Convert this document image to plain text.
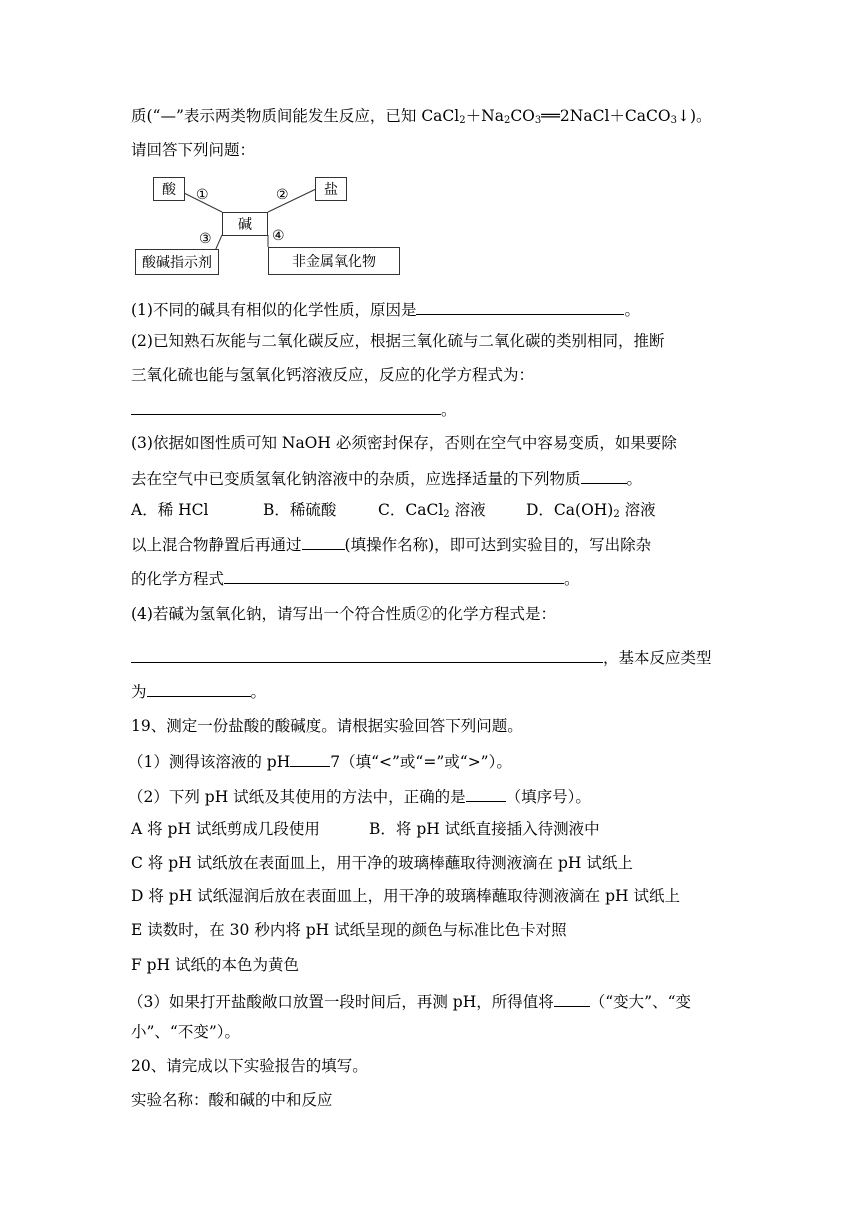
质(“—”表示两类物质间能发生反应，已知 $CaCl_2+Na_2CO_3══2NaCl+CaCO_3↓$)。
请回答下列问题：
酸	盐
碱
酸碱指示剂	非金属氧化物
①	②
③	④
(1)不同的碱具有相似的化学性质，原因是	。
(2)已知熟石灰能与二氧化碳反应，根据三氧化硫与二氧化碳的类别相同，推断
三氧化硫也能与氢氧化钙溶液反应，反应的化学方程式为：
。
(3)依据如图性质可知 NaOH 必须密封保存，否则在空气中容易变质，如果要除
去在空气中已变质氢氧化钠溶液中的杂质，应选择适量的下列物质	。
A．稀 HCl	B．稀硫酸	C．CaCl$_2$ 溶液	D．$Ca(OH)_2$ 溶液
以上混合物静置后再通过	(填操作名称)，即可达到实验目的，写出除杂
的化学方程式	。
(4)若碱为氢氧化钠，请写出一个符合性质②的化学方程式是：
，基本反应类型
为	。
19、测定一份盐酸的酸碱度。请根据实验回答下列问题。
（1）测得该溶液的 pH	7（填“<”或“=”或“>”）。
（2）下列 pH 试纸及其使用的方法中，正确的是	（填序号）。
A 将 pH 试纸剪成几段使用	B．将 pH 试纸直接插入待测液中
C 将 pH 试纸放在表面皿上，用干净的玻璃棒蘸取待测液滴在 pH 试纸上
D 将 pH 试纸湿润后放在表面皿上，用干净的玻璃棒蘸取待测液滴在 pH 试纸上
E 读数时，在 30 秒内将 pH 试纸呈现的颜色与标准比色卡对照
F pH 试纸的本色为黄色
（3）如果打开盐酸敞口放置一段时间后，再测 pH，所得值将 （“变大”、“变
小”、“不变”）。
20、请完成以下实验报告的填写。
实验名称：酸和碱的中和反应
